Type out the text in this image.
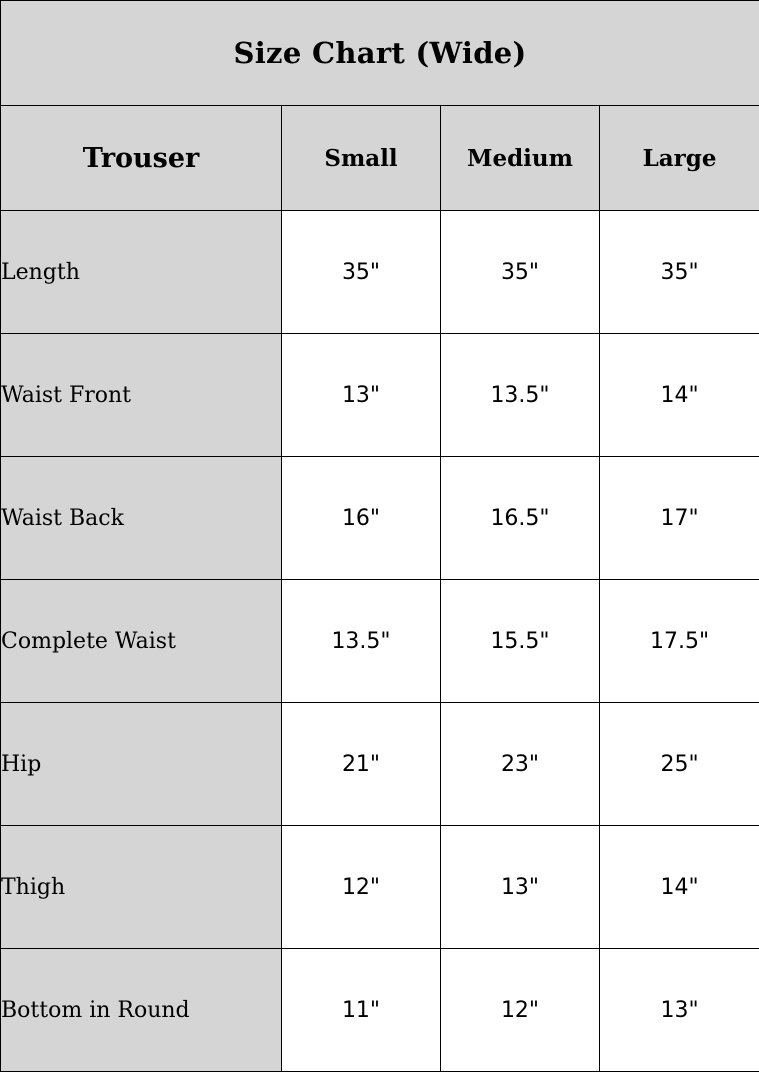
Size Chart (Wide)			
Trouser	Small	Medium	Large
Length	35"	35"	35"
Waist Front	13"	13.5"	14"
Waist Back	16"	16.5"	17"
Complete Waist	13.5"	15.5"	17.5"
Hip	21"	23"	25"
Thigh	12"	13"	14"
Bottom in Round	11"	12"	13"
